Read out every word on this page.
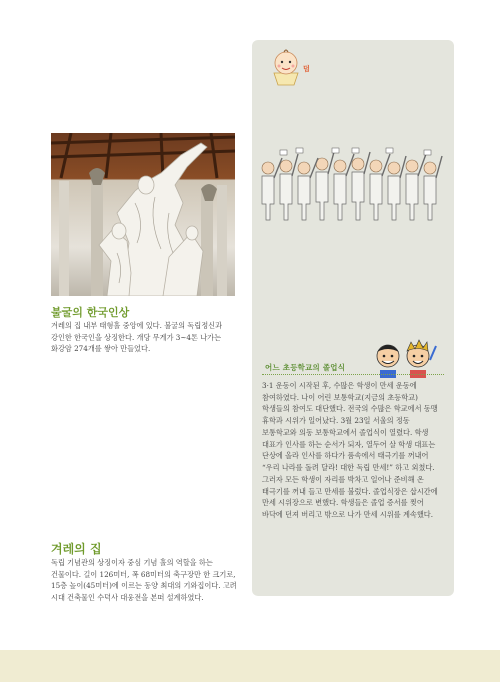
불굴의 한국인상
겨레의 집 내부 태형홀 중앙에 있다. 불굴의 독립정신과 강인한 한국인을 상징한다. 개당 무게가 3~4톤 나가는 화강암 274개를 쌓아 만들었다.
겨레의 집
독립 기념관의 상징이자 중심 기념 홀의 역할을 하는 건물이다. 길이 126미터, 폭 68미터의 축구장만 한 크기로, 15층 높이(45미터)에 이르는 동양 최대의 기와집이다. 고려 시대 건축물인 수덕사 대웅전을 본떠 설계하였다.
덤
어느 초등학교의 졸업식
3·1 운동이 시작된 후, 수많은 학생이 만세 운동에 참여하였다. 나이 어린 보통학교(지금의 초등학교) 학생들의 참여도 대단했다. 전국의 수많은 학교에서 동맹 휴학과 시위가 일어났다. 3월 23일 서울의 정동 보통학교와 의동 보통학교에서 졸업식이 열렸다. 학생 대표가 인사를 하는 순서가 되자, 열두어 살 학생 대표는 단상에 올라 인사를 하다가 품속에서 태극기를 꺼내어 “우리 나라를 돌려 달라! 대한 독립 만세!” 하고 외쳤다. 그러자 모든 학생이 자리를 박차고 일어나 준비해 온 태극기를 꺼내 들고 만세를 불렀다. 졸업식장은 삽시간에 만세 시위장으로 변했다. 학생들은 졸업 증서를 찢어 바닥에 던져 버리고 밖으로 나가 만세 시위를 계속했다.
